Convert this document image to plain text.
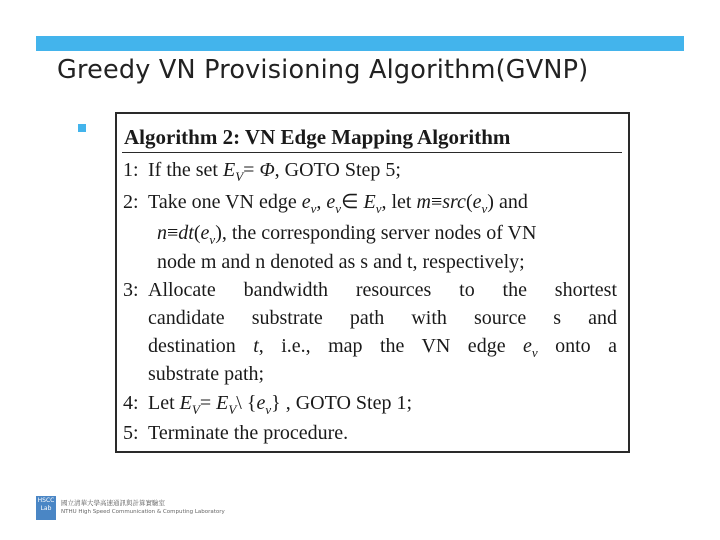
Greedy VN Provisioning Algorithm(GVNP)
Algorithm 2: VN Edge Mapping Algorithm
1: If the set $E_V= \Phi$, GOTO Step 5;
2: Take one VN edge $e_v$, $e_v\in$ $E_v$, let $m\equiv src(e_v)$ and
$n\equiv dt(e_v)$, the corresponding server nodes of VN
node m and n denoted as s and t, respectively;
3: Allocate bandwidth resources to the shortest
candidate substrate path with source s and
destination t, i.e., map the VN edge $e_v$ onto a
substrate path;
4: Let $E_V=$ $E_V\backslash$ $\{e_v\}$ , GOTO Step 1;
5: Terminate the procedure.
HSCC Lab
國立清華大學高速通訊與計算實驗室
NTHU High Speed Communication & Computing Laboratory
